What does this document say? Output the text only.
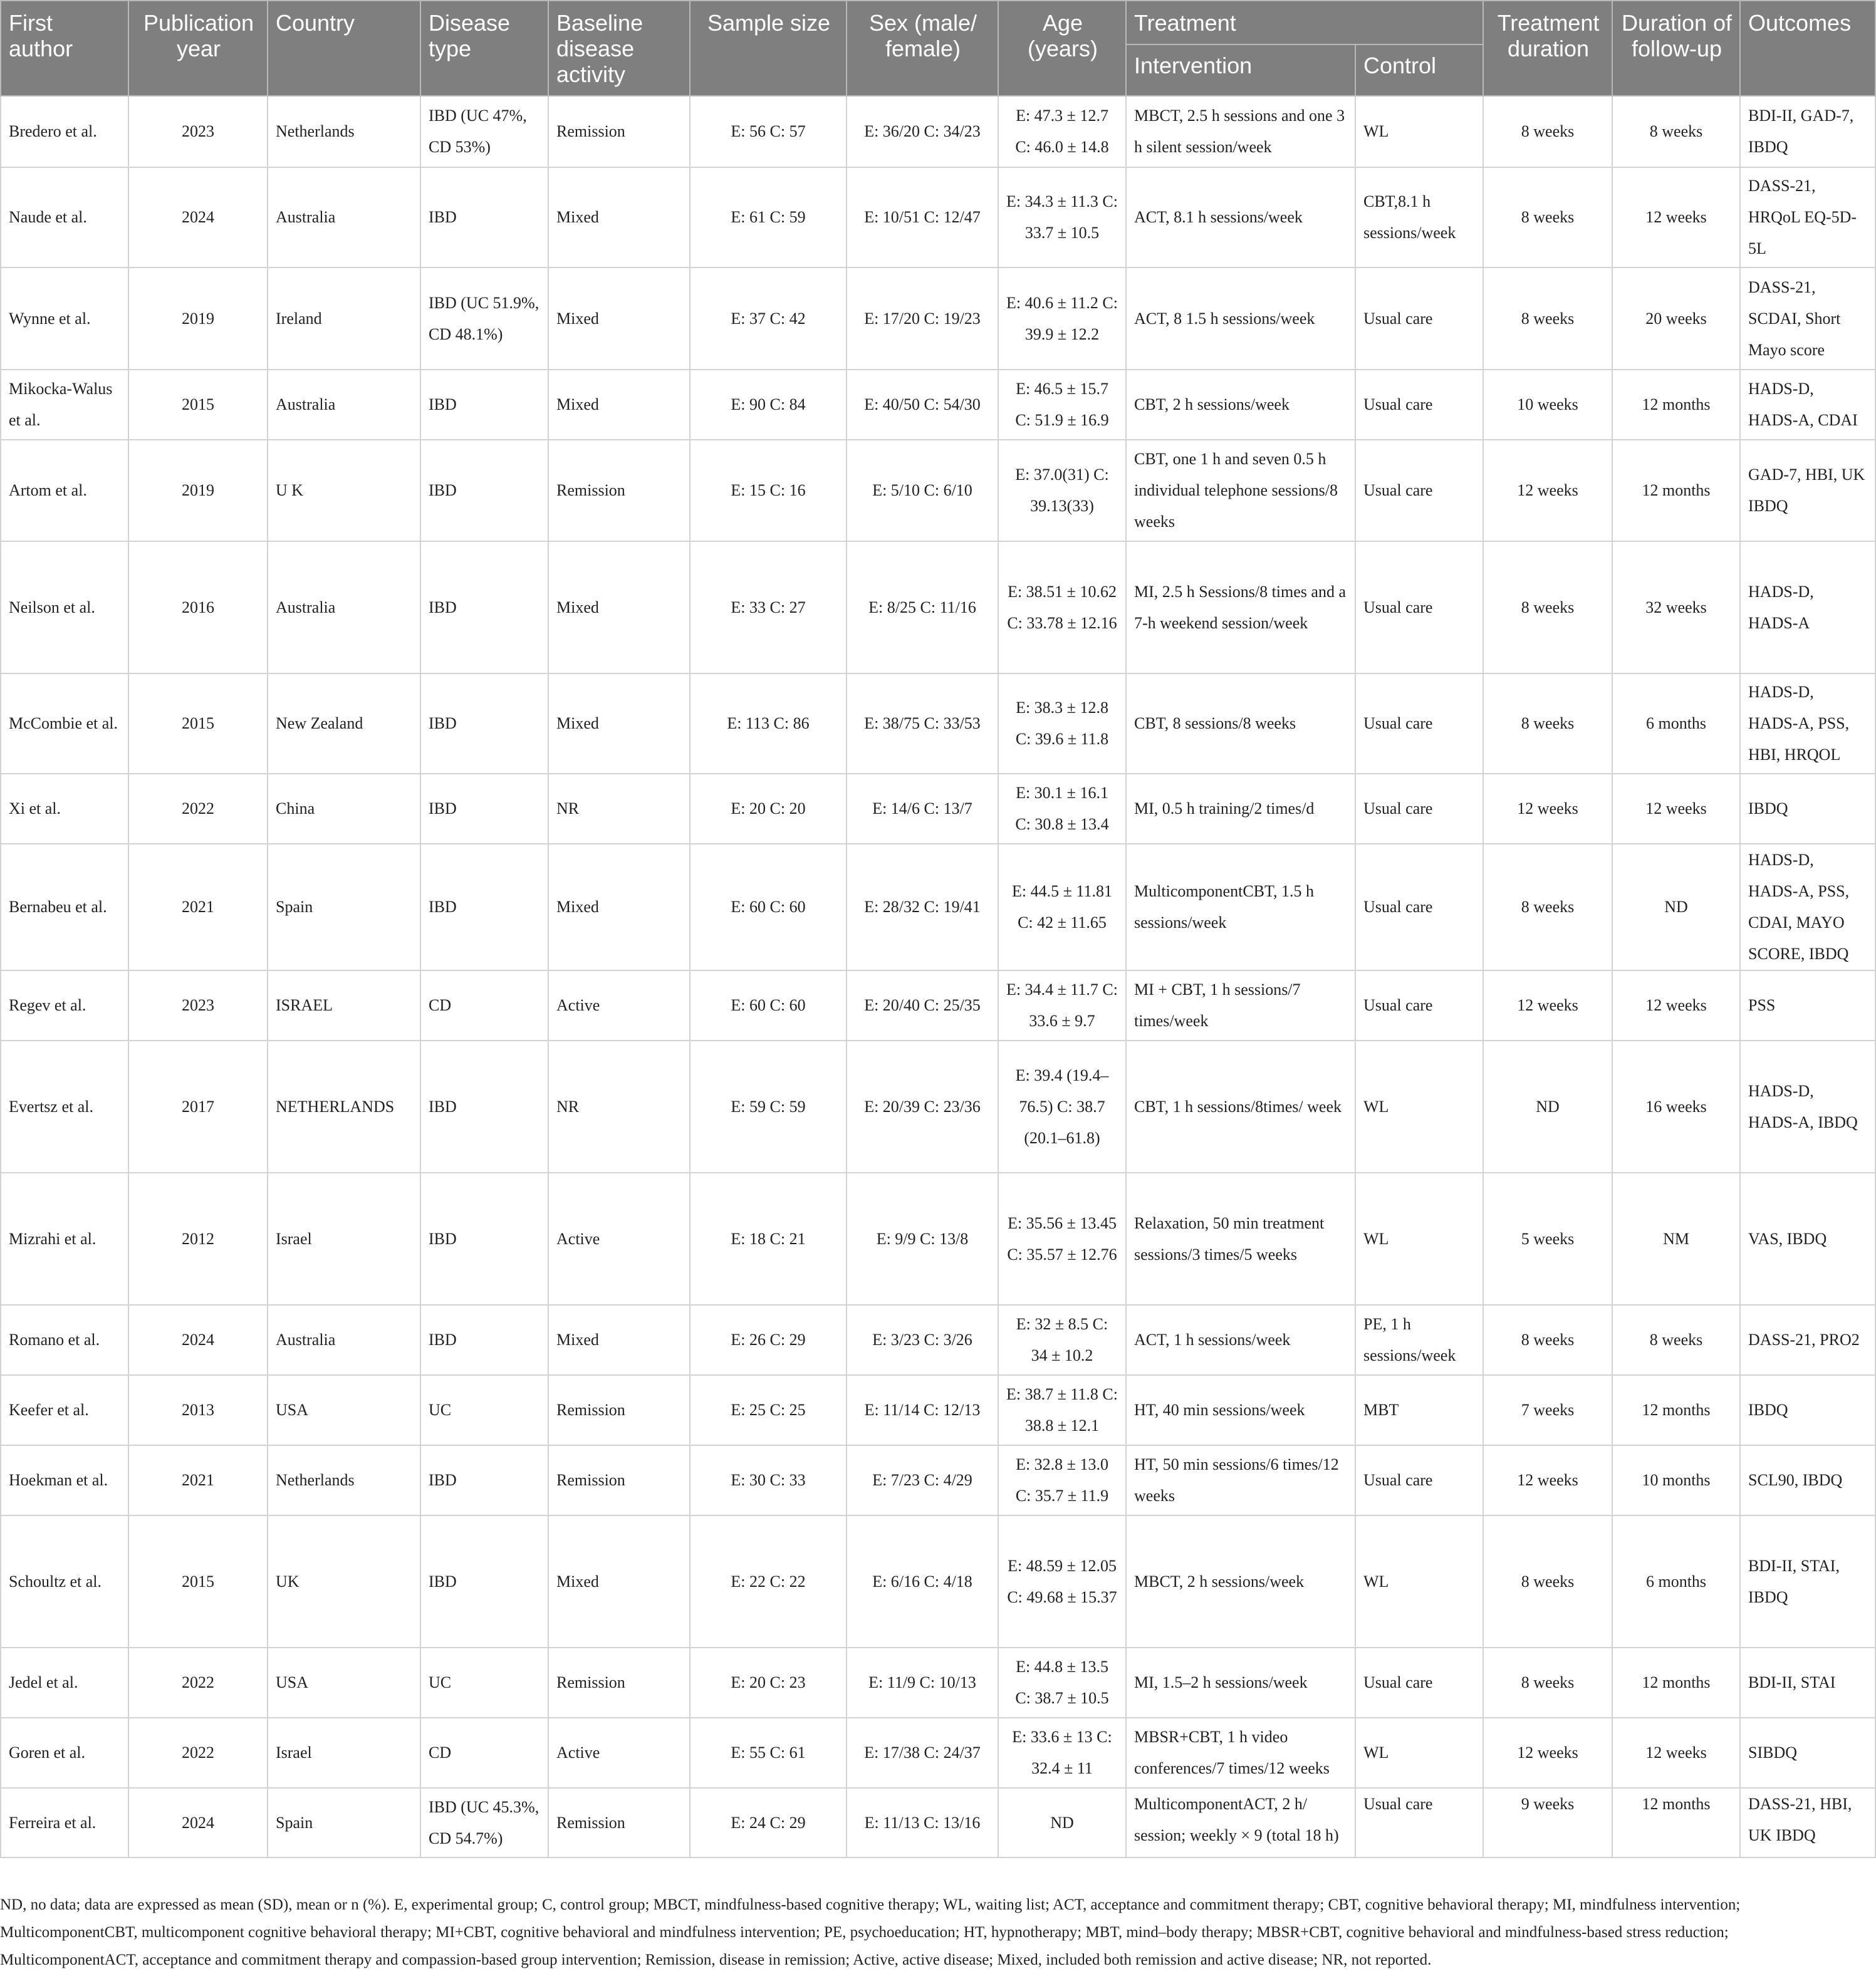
First author	Publication year	Country	Disease type	Baseline disease activity	Sample size	Sex (male/ female)	Age (years)	Treatment		Treatment duration	Duration of follow-up	Outcomes
								Intervention	Control			
Bredero et al.	2023	Netherlands	IBD (UC 47%, CD 53%)	Remission	E: 56 C: 57	E: 36/20 C: 34/23	E: 47.3 ± 12.7 C: 46.0 ± 14.8	MBCT, 2.5 h sessions and one 3 h silent session/week	WL	8 weeks	8 weeks	BDI-II, GAD-7, IBDQ
Naude et al.	2024	Australia	IBD	Mixed	E: 61 C: 59	E: 10/51 C: 12/47	E: 34.3 ± 11.3 C: 33.7 ± 10.5	ACT, 8.1 h sessions/week	CBT,8.1 h sessions/week	8 weeks	12 weeks	DASS-21, HRQoL EQ-5D-5L
Wynne et al.	2019	Ireland	IBD (UC 51.9%, CD 48.1%)	Mixed	E: 37 C: 42	E: 17/20 C: 19/23	E: 40.6 ± 11.2 C: 39.9 ± 12.2	ACT, 8 1.5 h sessions/week	Usual care	8 weeks	20 weeks	DASS-21, SCDAI, Short Mayo score
Mikocka-Walus et al.	2015	Australia	IBD	Mixed	E: 90 C: 84	E: 40/50 C: 54/30	E: 46.5 ± 15.7 C: 51.9 ± 16.9	CBT, 2 h sessions/week	Usual care	10 weeks	12 months	HADS-D, HADS-A, CDAI
Artom et al.	2019	U K	IBD	Remission	E: 15 C: 16	E: 5/10 C: 6/10	E: 37.0(31) C: 39.13(33)	CBT, one 1 h and seven 0.5 h individual telephone sessions/8 weeks	Usual care	12 weeks	12 months	GAD-7, HBI, UK IBDQ
Neilson et al.	2016	Australia	IBD	Mixed	E: 33 C: 27	E: 8/25 C: 11/16	E: 38.51 ± 10.62 C: 33.78 ± 12.16	MI, 2.5 h Sessions/8 times and a 7-h weekend session/week	Usual care	8 weeks	32 weeks	HADS-D, HADS-A
McCombie et al.	2015	New Zealand	IBD	Mixed	E: 113 C: 86	E: 38/75 C: 33/53	E: 38.3 ± 12.8 C: 39.6 ± 11.8	CBT, 8 sessions/8 weeks	Usual care	8 weeks	6 months	HADS-D, HADS-A, PSS, HBI, HRQOL
Xi et al.	2022	China	IBD	NR	E: 20 C: 20	E: 14/6 C: 13/7	E: 30.1 ± 16.1 C: 30.8 ± 13.4	MI, 0.5 h training/2 times/d	Usual care	12 weeks	12 weeks	IBDQ
Bernabeu et al.	2021	Spain	IBD	Mixed	E: 60 C: 60	E: 28/32 C: 19/41	E: 44.5 ± 11.81 C: 42 ± 11.65	MulticomponentCBT, 1.5 h sessions/week	Usual care	8 weeks	ND	HADS-D, HADS-A, PSS, CDAI, MAYO SCORE, IBDQ
Regev et al.	2023	ISRAEL	CD	Active	E: 60 C: 60	E: 20/40 C: 25/35	E: 34.4 ± 11.7 C: 33.6 ± 9.7	MI + CBT, 1 h sessions/7 times/week	Usual care	12 weeks	12 weeks	PSS
Evertsz et al.	2017	NETHERLANDS	IBD	NR	E: 59 C: 59	E: 20/39 C: 23/36	E: 39.4 (19.4–76.5) C: 38.7 (20.1–61.8)	CBT, 1 h sessions/8times/ week	WL	ND	16 weeks	HADS-D, HADS-A, IBDQ
Mizrahi et al.	2012	Israel	IBD	Active	E: 18 C: 21	E: 9/9 C: 13/8	E: 35.56 ± 13.45 C: 35.57 ± 12.76	Relaxation, 50 min treatment sessions/3 times/5 weeks	WL	5 weeks	NM	VAS, IBDQ
Romano et al.	2024	Australia	IBD	Mixed	E: 26 C: 29	E: 3/23 C: 3/26	E: 32 ± 8.5 C: 34 ± 10.2	ACT, 1 h sessions/week	PE, 1 h sessions/week	8 weeks	8 weeks	DASS-21, PRO2
Keefer et al.	2013	USA	UC	Remission	E: 25 C: 25	E: 11/14 C: 12/13	E: 38.7 ± 11.8 C: 38.8 ± 12.1	HT, 40 min sessions/week	MBT	7 weeks	12 months	IBDQ
Hoekman et al.	2021	Netherlands	IBD	Remission	E: 30 C: 33	E: 7/23 C: 4/29	E: 32.8 ± 13.0 C: 35.7 ± 11.9	HT, 50 min sessions/6 times/12 weeks	Usual care	12 weeks	10 months	SCL90, IBDQ
Schoultz et al.	2015	UK	IBD	Mixed	E: 22 C: 22	E: 6/16 C: 4/18	E: 48.59 ± 12.05 C: 49.68 ± 15.37	MBCT, 2 h sessions/week	WL	8 weeks	6 months	BDI-II, STAI, IBDQ
Jedel et al.	2022	USA	UC	Remission	E: 20 C: 23	E: 11/9 C: 10/13	E: 44.8 ± 13.5 C: 38.7 ± 10.5	MI, 1.5–2 h sessions/week	Usual care	8 weeks	12 months	BDI-II, STAI
Goren et al.	2022	Israel	CD	Active	E: 55 C: 61	E: 17/38 C: 24/37	E: 33.6 ± 13 C: 32.4 ± 11	MBSR+CBT, 1 h video conferences/7 times/12 weeks	WL	12 weeks	12 weeks	SIBDQ
Ferreira et al.	2024	Spain	IBD (UC 45.3%, CD 54.7%)	Remission	E: 24 C: 29	E: 11/13 C: 13/16	ND	MulticomponentACT, 2 h/ session; weekly × 9 (total 18 h)	Usual care	9 weeks	12 months	DASS-21, HBI, UK IBDQ

ND, no data; data are expressed as mean (SD), mean or n (%). E, experimental group; C, control group; MBCT, mindfulness-based cognitive therapy; WL, waiting list; ACT, acceptance and commitment therapy; CBT, cognitive behavioral therapy; MI, mindfulness intervention; MulticomponentCBT, multicomponent cognitive behavioral therapy; MI+CBT, cognitive behavioral and mindfulness intervention; PE, psychoeducation; HT, hypnotherapy; MBT, mind–body therapy; MBSR+CBT, cognitive behavioral and mindfulness-based stress reduction; MulticomponentACT, acceptance and commitment therapy and compassion-based group intervention; Remission, disease in remission; Active, active disease; Mixed, included both remission and active disease; NR, not reported.
